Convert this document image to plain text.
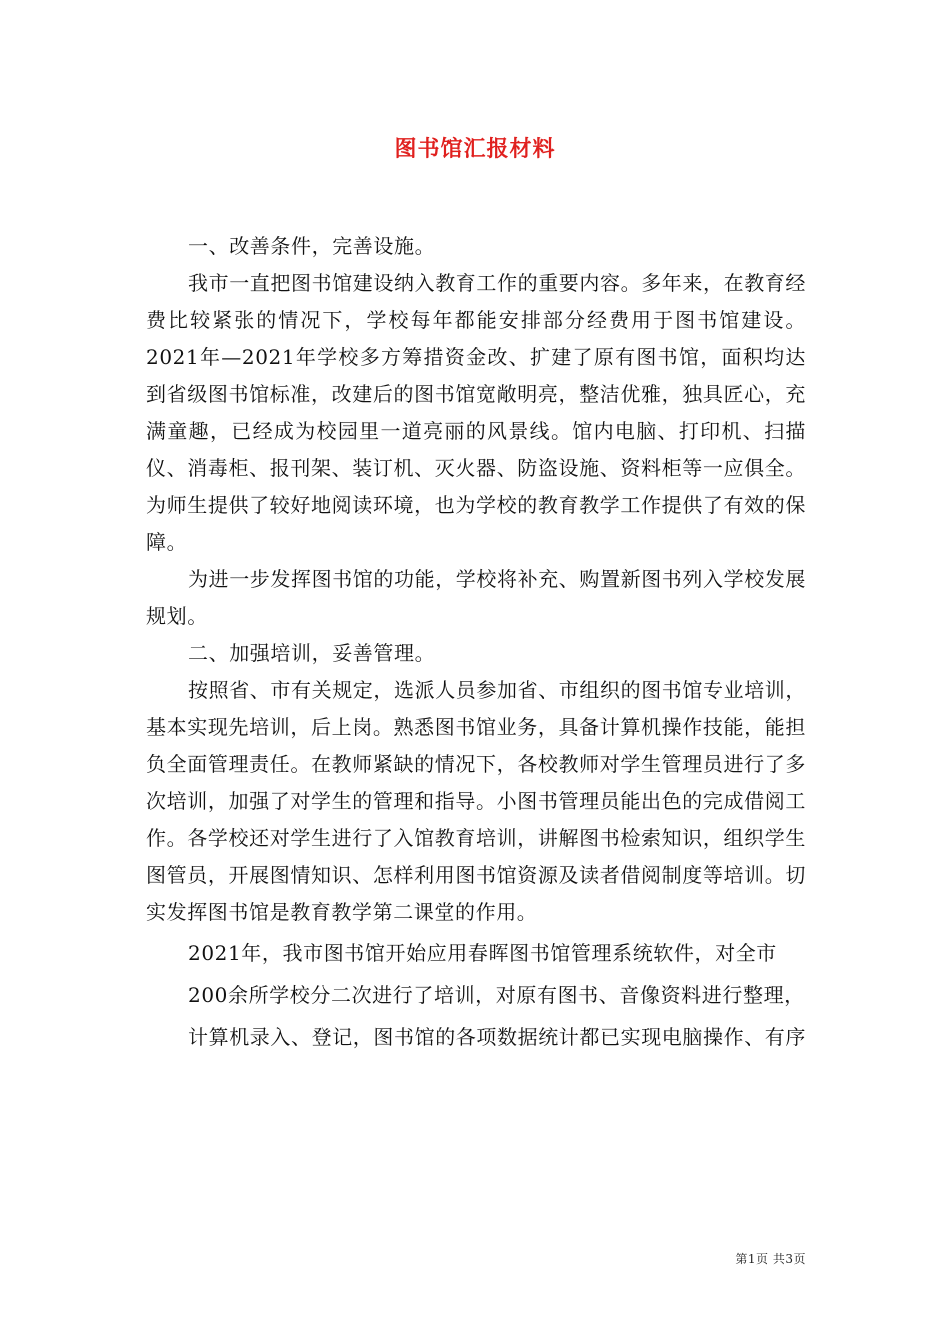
图书馆汇报材料

一、改善条件，完善设施。

我市一直把图书馆建设纳入教育工作的重要内容。多年来，在教育经费比较紧张的情况下，学校每年都能安排部分经费用于图书馆建设。2021年—2021年学校多方筹措资金改、扩建了原有图书馆，面积均达到省级图书馆标准，改建后的图书馆宽敞明亮，整洁优雅，独具匠心，充满童趣，已经成为校园里一道亮丽的风景线。馆内电脑、打印机、扫描仪、消毒柜、报刊架、装订机、灭火器、防盗设施、资料柜等一应俱全。为师生提供了较好地阅读环境，也为学校的教育教学工作提供了有效的保障。

为进一步发挥图书馆的功能，学校将补充、购置新图书列入学校发展规划。

二、加强培训，妥善管理。

按照省、市有关规定，选派人员参加省、市组织的图书馆专业培训，基本实现先培训，后上岗。熟悉图书馆业务，具备计算机操作技能，能担负全面管理责任。在教师紧缺的情况下，各校教师对学生管理员进行了多次培训，加强了对学生的管理和指导。小图书管理员能出色的完成借阅工作。各学校还对学生进行了入馆教育培训，讲解图书检索知识，组织学生图管员，开展图情知识、怎样利用图书馆资源及读者借阅制度等培训。切实发挥图书馆是教育教学第二课堂的作用。

2021年，我市图书馆开始应用春晖图书馆管理系统软件，对全市

200余所学校分二次进行了培训，对原有图书、音像资料进行整理，

计算机录入、登记，图书馆的各项数据统计都已实现电脑操作、有序

第1页 共3页
